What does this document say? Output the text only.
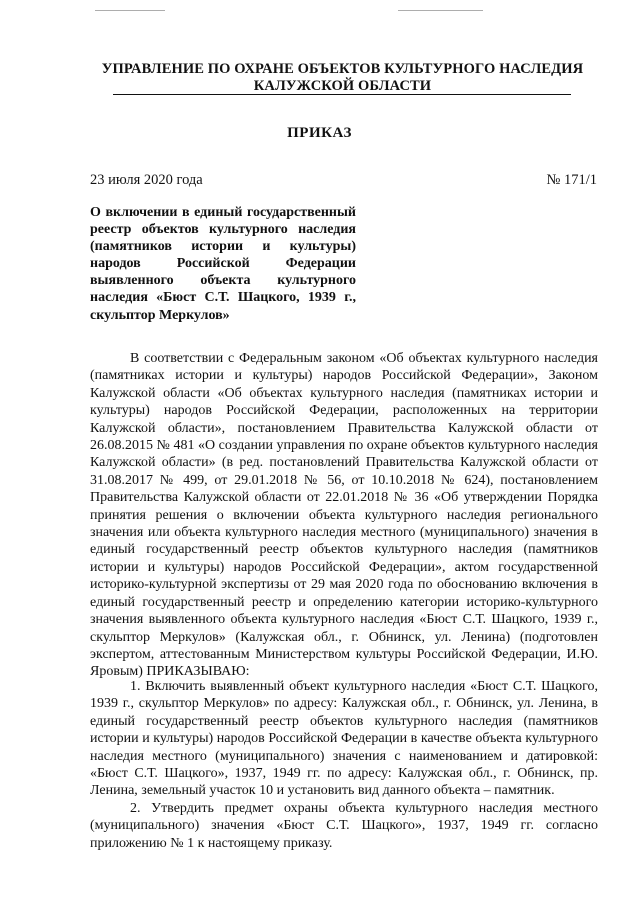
УПРАВЛЕНИЕ ПО ОХРАНЕ ОБЪЕКТОВ КУЛЬТУРНОГО НАСЛЕДИЯ
КАЛУЖСКОЙ ОБЛАСТИ
ПРИКАЗ
23 июля 2020 года	№ 171/1
О включении в единый государственный реестр объектов культурного наследия (памятников истории и культуры) народов Российской Федерации выявленного объекта культурного наследия «Бюст С.Т. Шацкого, 1939 г., скульптор Меркулов»

В соответствии с Федеральным законом «Об объектах культурного наследия (памятниках истории и культуры) народов Российской Федерации», Законом Калужской области «Об объектах культурного наследия (памятниках истории и культуры) народов Российской Федерации, расположенных на территории Калужской области», постановлением Правительства Калужской области от 26.08.2015 № 481 «О создании управления по охране объектов культурного наследия Калужской области» (в ред. постановлений Правительства Калужской области от 31.08.2017 № 499, от 29.01.2018 № 56, от 10.10.2018 № 624), постановлением Правительства Калужской области от 22.01.2018 № 36 «Об утверждении Порядка принятия решения о включении объекта культурного наследия регионального значения или объекта культурного наследия местного (муниципального) значения в единый государственный реестр объектов культурного наследия (памятников истории и культуры) народов Российской Федерации», актом государственной историко-культурной экспертизы от 29 мая 2020 года по обоснованию включения в единый государственный реестр и определению категории историко-культурного значения выявленного объекта культурного наследия «Бюст С.Т. Шацкого, 1939 г., скульптор Меркулов» (Калужская обл., г. Обнинск, ул. Ленина) (подготовлен экспертом, аттестованным Министерством культуры Российской Федерации, И.Ю. Яровым) ПРИКАЗЫВАЮ:

1. Включить выявленный объект культурного наследия «Бюст С.Т. Шацкого, 1939 г., скульптор Меркулов» по адресу: Калужская обл., г. Обнинск, ул. Ленина, в единый государственный реестр объектов культурного наследия (памятников истории и культуры) народов Российской Федерации в качестве объекта культурного наследия местного (муниципального) значения с наименованием и датировкой: «Бюст С.Т. Шацкого», 1937, 1949 гг. по адресу: Калужская обл., г. Обнинск, пр. Ленина, земельный участок 10 и установить вид данного объекта – памятник.

2. Утвердить предмет охраны объекта культурного наследия местного (муниципального) значения «Бюст С.Т. Шацкого», 1937, 1949 гг. согласно приложению № 1 к настоящему приказу.
